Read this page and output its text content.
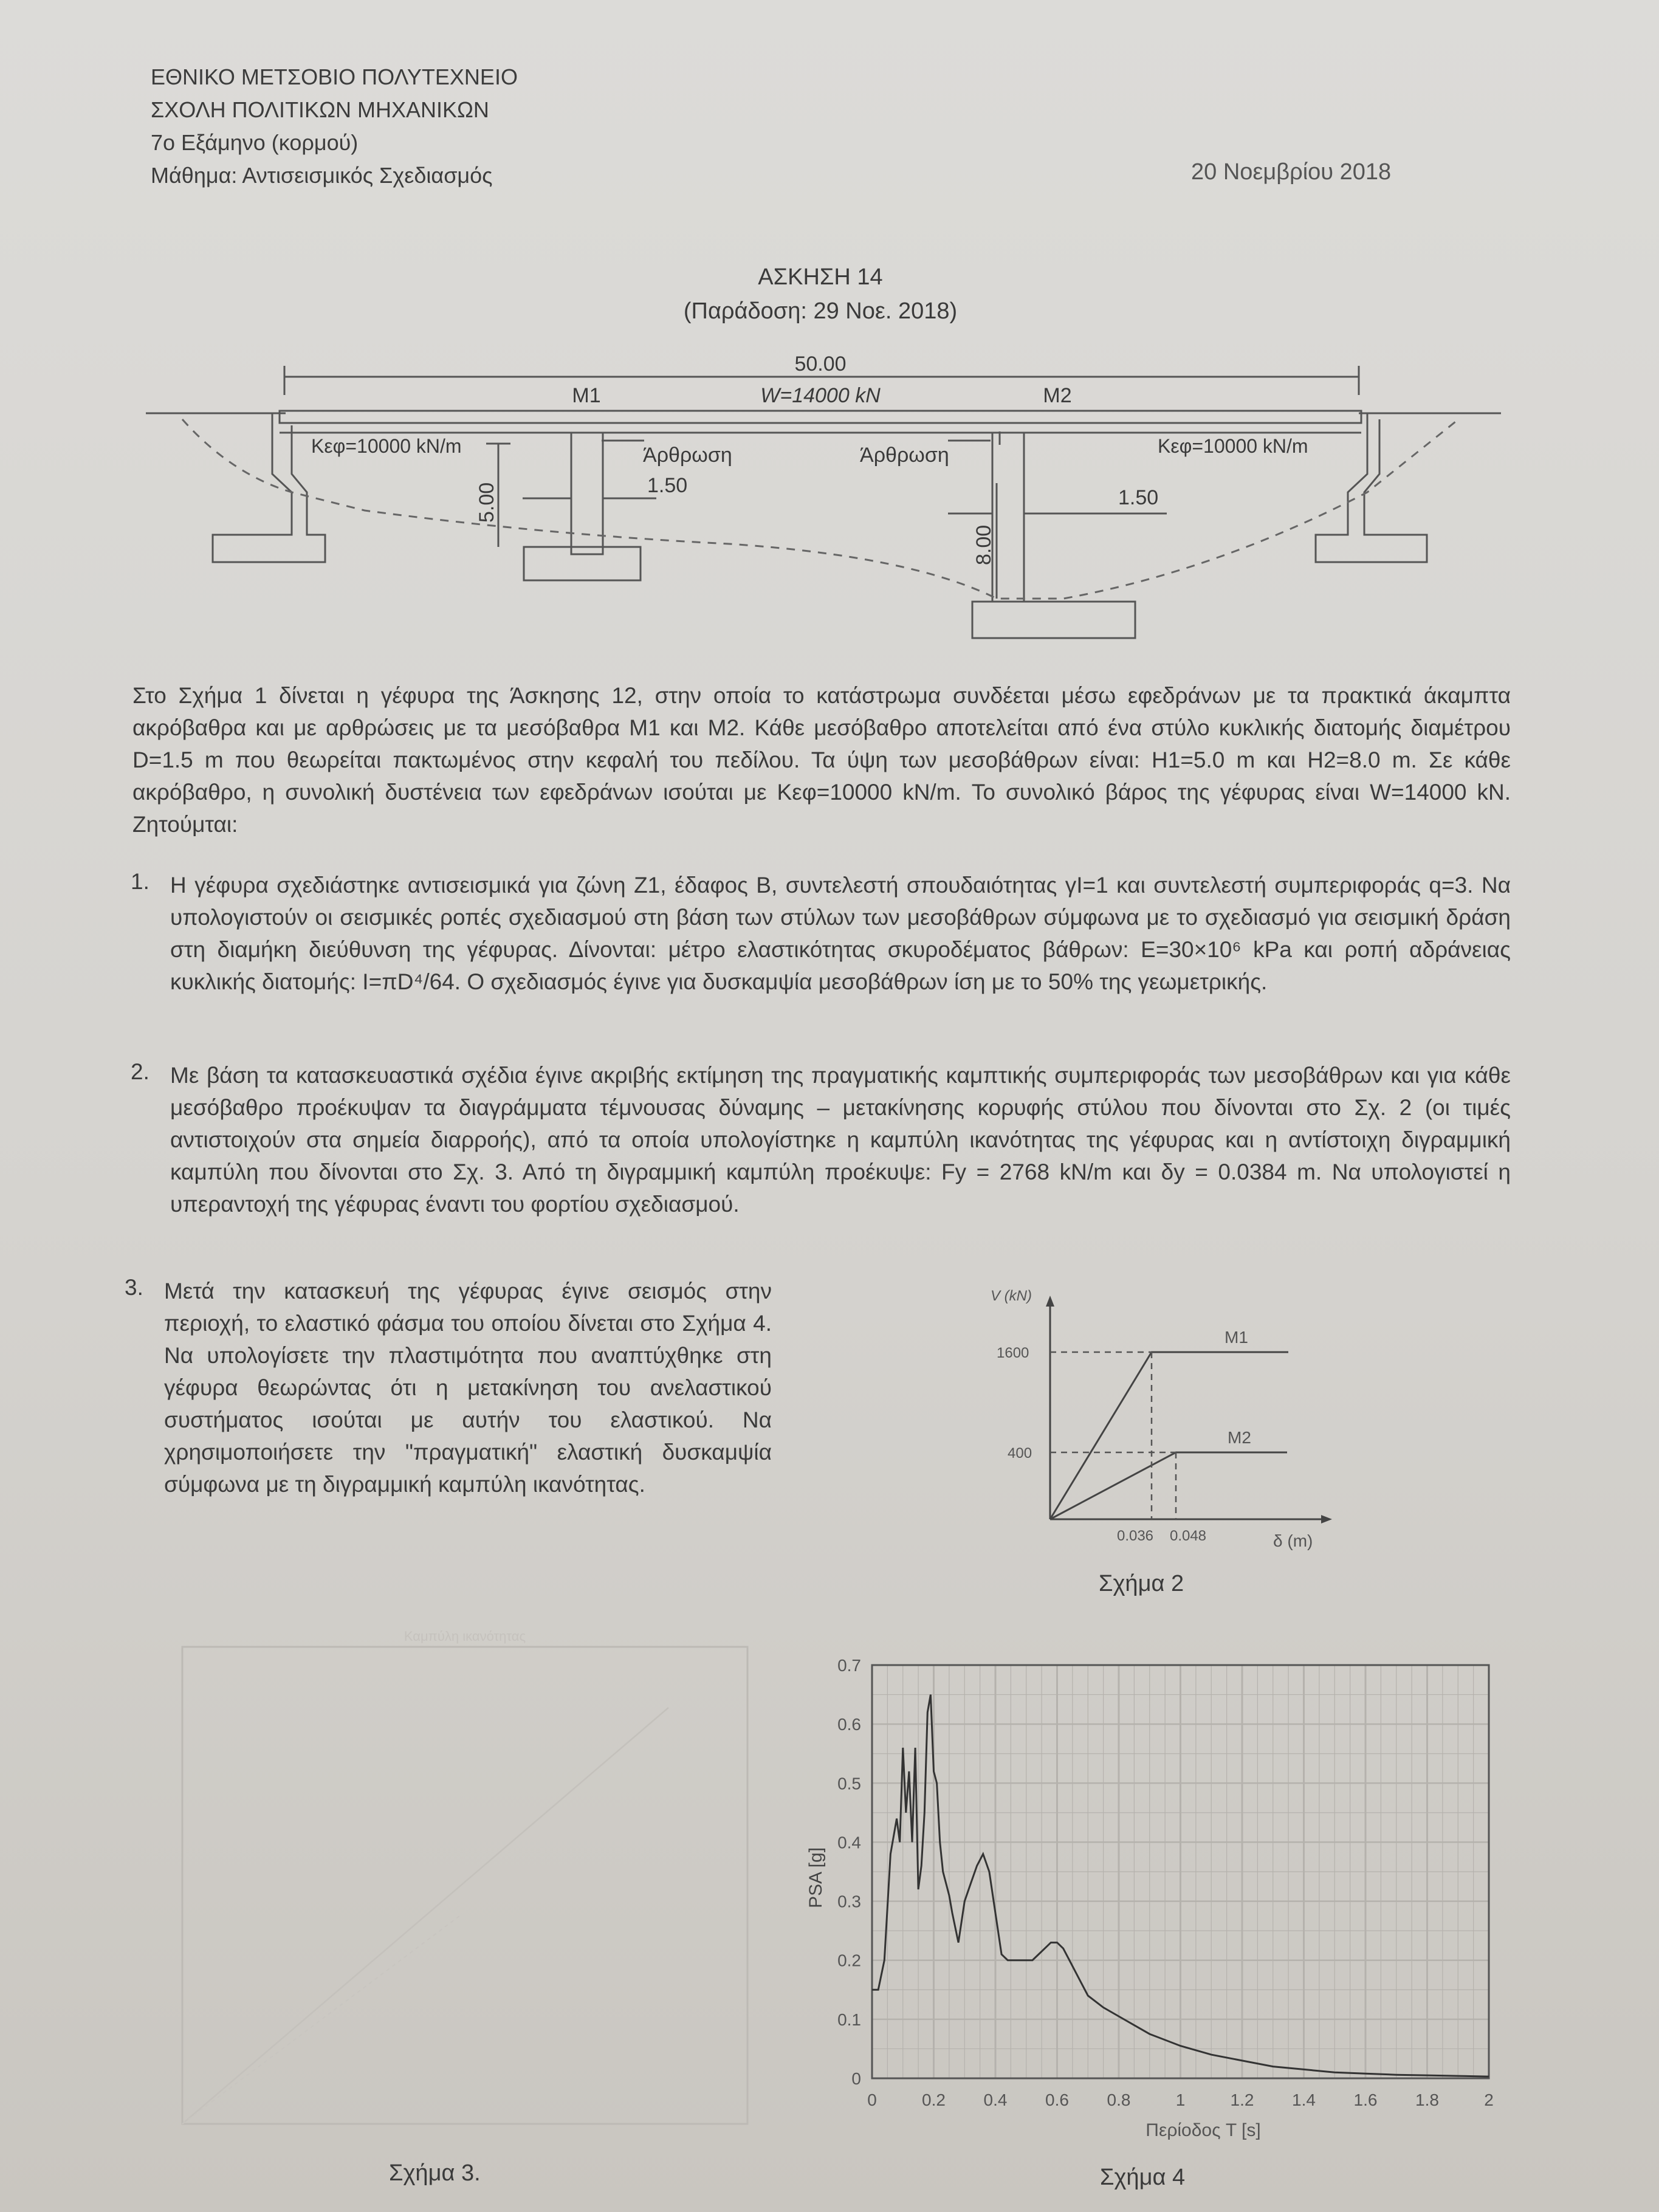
ΕΘΝΙΚΟ ΜΕΤΣΟΒΙΟ ΠΟΛΥΤΕΧΝΕΙΟ
ΣΧΟΛΗ ΠΟΛΙΤΙΚΩΝ ΜΗΧΑΝΙΚΩΝ
7ο Εξάμηνο (κορμού)
Μάθημα: Αντισεισμικός Σχεδιασμός	20 Νοεμβρίου 2018
ΑΣΚΗΣΗ 14
(Παράδοση: 29 Νοε. 2018)
50.00
W=14000 kN
M1	M2
Kεφ=10000 kN/m	Kεφ=10000 kN/m
Άρθρωση	Άρθρωση
1.50
1.50
5.00
8.00
Στο Σχήμα 1 δίνεται η γέφυρα της Άσκησης 12, στην οποία το κατάστρωμα συνδέεται μέσω εφεδράνων με τα πρακτικά άκαμπτα ακρόβαθρα και με αρθρώσεις με τα μεσόβαθρα Μ1 και Μ2. Κάθε μεσόβαθρο αποτελείται από ένα στύλο κυκλικής διατομής διαμέτρου D=1.5 m που θεωρείται πακτωμένος στην κεφαλή του πεδίλου. Τα ύψη των μεσοβάθρων είναι: H1=5.0 m και H2=8.0 m. Σε κάθε ακρόβαθρο, η συνολική δυστένεια των εφεδράνων ισούται με Kεφ=10000 kN/m. Το συνολικό βάρος της γέφυρας είναι W=14000 kN. Ζητούμται:
1. Η γέφυρα σχεδιάστηκε αντισεισμικά για ζώνη Ζ1, έδαφος Β, συντελεστή σπουδαιότητας γI=1 και συντελεστή συμπεριφοράς q=3. Να υπολογιστούν οι σεισμικές ροπές σχεδιασμού στη βάση των στύλων των μεσοβάθρων σύμφωνα με το σχεδιασμό για σεισμική δράση στη διαμήκη διεύθυνση της γέφυρας. Δίνονται: μέτρο ελαστικότητας σκυροδέματος βάθρων: E=30×10⁶ kPa και ροπή αδράνειας κυκλικής διατομής: I=πD⁴/64. Ο σχεδιασμός έγινε για δυσκαμψία μεσοβάθρων ίση με το 50% της γεωμετρικής.
2. Με βάση τα κατασκευαστικά σχέδια έγινε ακριβής εκτίμηση της πραγματικής καμπτικής συμπεριφοράς των μεσοβάθρων και για κάθε μεσόβαθρο προέκυψαν τα διαγράμματα τέμνουσας δύναμης – μετακίνησης κορυφής στύλου που δίνονται στο Σχ. 2 (οι τιμές αντιστοιχούν στα σημεία διαρροής), από τα οποία υπολογίστηκε η καμπύλη ικανότητας της γέφυρας και η αντίστοιχη διγραμμική καμπύλη που δίνονται στο Σχ. 3. Από τη διγραμμική καμπύλη προέκυψε: Fy = 2768 kN/m και δy = 0.0384 m. Να υπολογιστεί η υπεραντοχή της γέφυρας έναντι του φορτίου σχεδιασμού.
3. Μετά την κατασκευή της γέφυρας έγινε σεισμός στην περιοχή, το ελαστικό φάσμα του οποίου δίνεται στο Σχήμα 4. Να υπολογίσετε την πλαστιμότητα που αναπτύχθηκε στη γέφυρα θεωρώντας ότι η μετακίνηση του ανελαστικού συστήματος ισούται με αυτήν του ελαστικού. Να χρησιμοποιήσετε την "πραγματική" ελαστική δυσκαμψία σύμφωνα με τη διγραμμική καμπύλη ικανότητας.
V (kN)
1600
400
0.036 0.048	δ (m)
M1
M2
Σχήμα 2
Καμπύλη ικανότητας
Σχήμα 3.
0	0.2 0.4 0.6 0.8	1	1.2 1.4 1.6 1.8	2
0
0.1
0.2
0.3
0.4
0.5
0.6
0.7
Περίοδος T [s]
PSA [g]
Σχήμα 4
